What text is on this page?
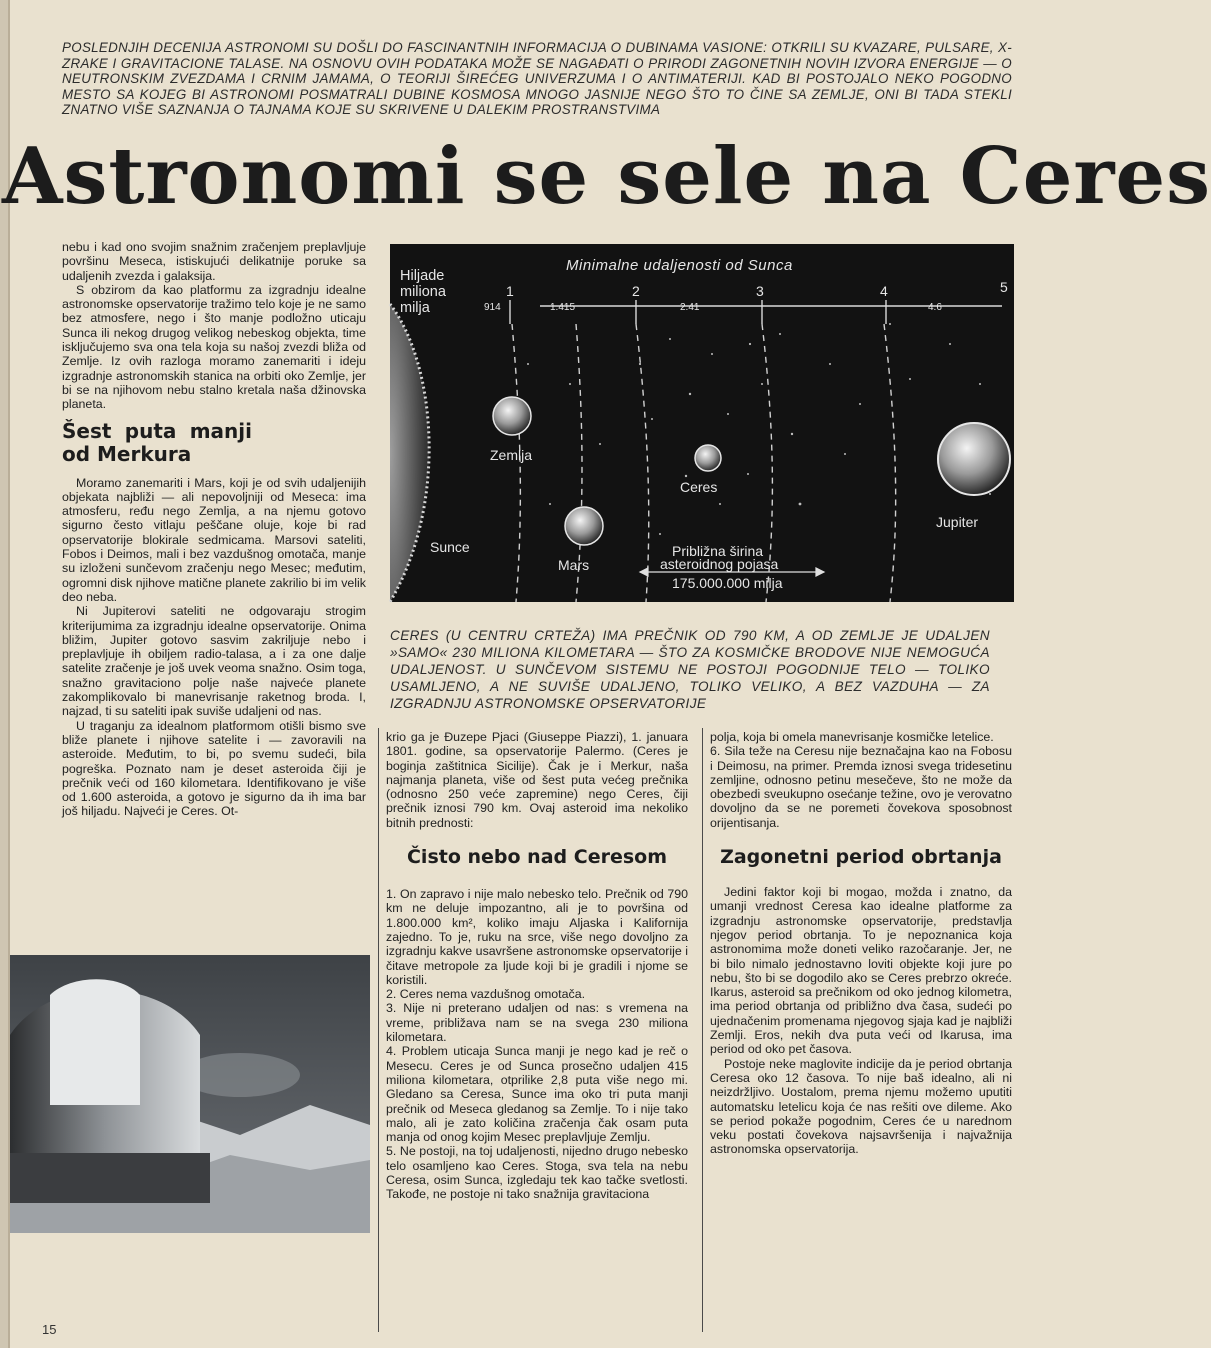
POSLEDNJIH DECENIJA ASTRONOMI SU DOŠLI DO FASCINANTNIH INFORMACIJA O DUBINAMA VASIONE: OTKRILI SU KVAZARE, PULSARE, X-ZRAKE I GRAVITACIONE TALASE. NA OSNOVU OVIH PODATAKA MOŽE SE NAGAĐATI O PRIRODI ZAGONETNIH NOVIH IZVORA ENERGIJE — O NEUTRONSKIM ZVEZDAMA I CRNIM JAMAMA, O TEORIJI ŠIREĆEG UNIVERZUMA I O ANTIMATERIJI. KAD BI POSTOJALO NEKO POGODNO MESTO SA KOJEG BI ASTRONOMI POSMATRALI DUBINE KOSMOSA MNOGO JASNIJE NEGO ŠTO TO ČINE SA ZEMLJE, ONI BI TADA STEKLI ZNATNO VIŠE SAZNANJA O TAJNAMA KOJE SU SKRIVENE U DALEKIM PROSTRANSTVIMA
Astronomi se sele na Ceres

nebu i kad ono svojim snažnim zračenjem preplavljuje površinu Meseca, istiskujući delikatnije poruke sa udaljenih zvezda i galaksija.

S obzirom da kao platformu za izgradnju idealne astronomske opservatorije tražimo telo koje je ne samo bez atmosfere, nego i što manje podložno uticaju Sunca ili nekog drugog velikog nebeskog objekta, time isključujemo sva ona tela koja su našoj zvezdi bliža od Zemlje. Iz ovih razloga moramo zanemariti i ideju izgradnje astronomskih stanica na orbiti oko Zemlje, jer bi se na njihovom nebu stalno kretala naša džinovska planeta.

Šest puta manji od Merkura

Moramo zanemariti i Mars, koji je od svih udaljenijih objekata najbliži — ali nepovoljniji od Meseca: ima atmosferu, ređu nego Zemlja, a na njemu gotovo sigurno često vitlaju peščane oluje, koje bi rad opservatorije blokirale sedmicama. Marsovi sateliti, Fobos i Deimos, mali i bez vazdušnog omotača, manje su izloženi sunčevom zračenju nego Mesec; međutim, ogromni disk njihove matične planete zakrilio bi im velik deo neba.

Ni Jupiterovi sateliti ne odgovaraju strogim kriterijumima za izgradnju idealne opservatorije. Onima bližim, Jupiter gotovo sasvim zakriljuje nebo i preplavljuje ih obiljem radio-talasa, a i za one dalje satelite zračenje je još uvek veoma snažno. Osim toga, snažno gravitaciono polje naše najveće planete zakomplikovalo bi manevrisanje raketnog broda. I, najzad, ti su sateliti ipak suviše udaljeni od nas.

U traganju za idealnom platformom otišli bismo sve bliže planete i njihove satelite i — zavoravili na asteroide. Međutim, to bi, po svemu sudeći, bila pogreška. Poznato nam je deset asteroida čiji je prečnik veći od 160 kilometara. Identifikovano je više od 1.600 asteroida, a gotovo je sigurno da ih ima bar još hiljadu. Najveći je Ceres. Ot-

Minimalne udaljenosti od Sunca
Hiljade
miliona
milja
1	2	3	4	5
914	1.415	2.41	4.6
Sunce
Zemlja
Mars
Ceres
Jupiter
Približna širina
asteroidnog pojasa
175.000.000 milja
CERES (U CENTRU CRTEŽA) IMA PREČNIK OD 790 KM, A OD ZEMLJE JE UDALJEN »SAMO« 230 MILIONA KILOMETARA — ŠTO ZA KOSMIČKE BRODOVE NIJE NEMOGUĆA UDALJENOST. U SUNČEVOM SISTEMU NE POSTOJI POGODNIJE TELO — TOLIKO USAMLJENO, A NE SUVIŠE UDALJENO, TOLIKO VELIKO, A BEZ VAZDUHA — ZA IZGRADNJU ASTRONOMSKE OPSERVATORIJE

krio ga je Đuzepe Pjaci (Giuseppe Piazzi), 1. januara 1801. godine, sa opservatorije Palermo. (Ceres je boginja zaštitnica Sicilije). Čak je i Merkur, naša najmanja planeta, više od šest puta većeg prečnika (odnosno 250 veće zapremine) nego Ceres, čiji prečnik iznosi 790 km. Ovaj asteroid ima nekoliko bitnih prednosti:

Čisto nebo nad Ceresom

1. On zapravo i nije malo nebesko telo. Prečnik od 790 km ne deluje impozantno, ali je to površina od 1.800.000 km², koliko imaju Aljaska i Kalifornija zajedno. To je, ruku na srce, više nego dovoljno za izgradnju kakve usavršene astronomske opservatorije i čitave metropole za ljude koji bi je gradili i njome se koristili.

2. Ceres nema vazdušnog omotača.

3. Nije ni preterano udaljen od nas: s vremena na vreme, približava nam se na svega 230 miliona kilometara.

4. Problem uticaja Sunca manji je nego kad je reč o Mesecu. Ceres je od Sunca prosečno udaljen 415 miliona kilometara, otprilike 2,8 puta više nego mi. Gledano sa Ceresa, Sunce ima oko tri puta manji prečnik od Meseca gledanog sa Zemlje. To i nije tako malo, ali je zato količina zračenja čak osam puta manja od onog kojim Mesec preplavljuje Zemlju.

5. Ne postoji, na toj udaljenosti, nijedno drugo nebesko telo osamljeno kao Ceres. Stoga, sva tela na nebu Ceresa, osim Sunca, izgledaju tek kao tačke svetlosti. Takođe, ne postoje ni tako snažnija gravitaciona

polja, koja bi omela manevrisanje kosmičke letelice.

6. Sila teže na Ceresu nije beznačajna kao na Fobosu i Deimosu, na primer. Premda iznosi svega tridesetinu zemljine, odnosno petinu mesečeve, što ne može da obezbedi sveukupno osećanje težine, ovo je verovatno dovoljno da se ne poremeti čovekova sposobnost orijentisanja.

Zagonetni period obrtanja

Jedini faktor koji bi mogao, možda i znatno, da umanji vrednost Ceresa kao idealne platforme za izgradnju astronomske opservatorije, predstavlja njegov period obrtanja. To je nepoznanica koja astronomima može doneti veliko razočaranje. Jer, ne bi bilo nimalo jednostavno loviti objekte koji jure po nebu, što bi se dogodilo ako se Ceres prebrzo okreće. Ikarus, asteroid sa prečnikom od oko jednog kilometra, ima period obrtanja od približno dva časa, sudeći po ujednačenim promenama njegovog sjaja kad je najbliži Zemlji. Eros, nekih dva puta veći od Ikarusa, ima period od oko pet časova.

Postoje neke maglovite indicije da je period obrtanja Ceresa oko 12 časova. To nije baš idealno, ali ni neizdržljivo. Uostalom, prema njemu možemo uputiti automatsku letelicu koja će nas rešiti ove dileme. Ako se period pokaže pogodnim, Ceres će u narednom veku postati čovekova najsavršenija i najvažnija astronomska opservatorija.

15
